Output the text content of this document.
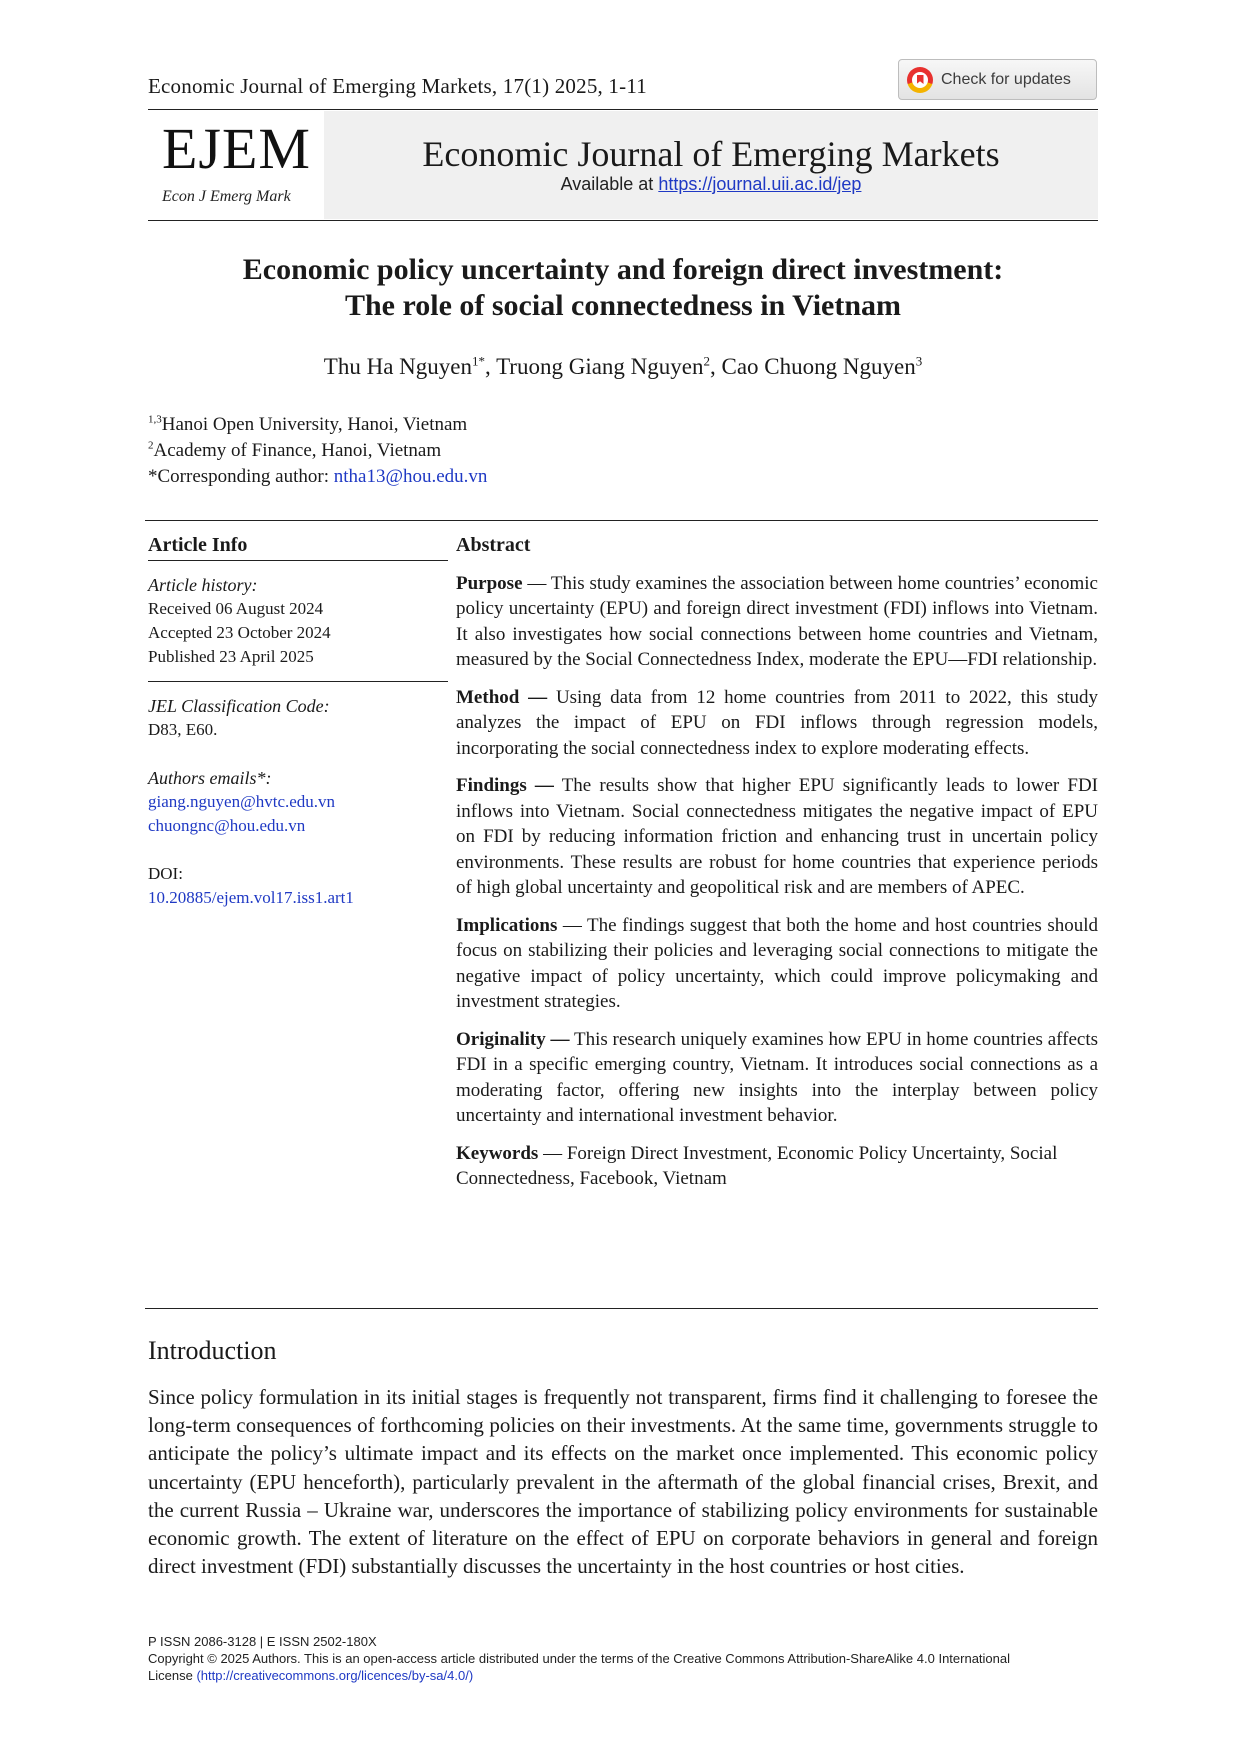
Economic Journal of Emerging Markets, 17(1) 2025, 1-11	Check for updates
EJEM
Econ J Emerg Mark
Economic Journal of Emerging Markets
Available at https://journal.uii.ac.id/jep
Economic policy uncertainty and foreign direct investment:
The role of social connectedness in Vietnam
Thu Ha Nguyen$^{1*}$, Truong Giang Nguyen$^2$, Cao Chuong Nguyen$^3$
$^{1,3}$Hanoi Open University, Hanoi, Vietnam
$^2$Academy of Finance, Hanoi, Vietnam
*Corresponding author: ntha13@hou.edu.vn
Article Info
Article history:
Received 06 August 2024
Accepted 23 October 2024
Published 23 April 2025
JEL Classification Code:
D83, E60.
Authors emails*:
giang.nguyen@hvtc.edu.vn
chuongnc@hou.edu.vn
DOI:
10.20885/ejem.vol17.iss1.art1
Abstract

Purpose — This study examines the association between home countries’ economic policy uncertainty (EPU) and foreign direct investment (FDI) inflows into Vietnam. It also investigates how social connections between home countries and Vietnam, measured by the Social Connectedness Index, moderate the EPU—FDI relationship.

Method — Using data from 12 home countries from 2011 to 2022, this study analyzes the impact of EPU on FDI inflows through regression models, incorporating the social connectedness index to explore moderating effects.

Findings — The results show that higher EPU significantly leads to lower FDI inflows into Vietnam. Social connectedness mitigates the negative impact of EPU on FDI by reducing information friction and enhancing trust in uncertain policy environments. These results are robust for home countries that experience periods of high global uncertainty and geopolitical risk and are members of APEC.

Implications — The findings suggest that both the home and host countries should focus on stabilizing their policies and leveraging social connections to mitigate the negative impact of policy uncertainty, which could improve policymaking and investment strategies.

Originality — This research uniquely examines how EPU in home countries affects FDI in a specific emerging country, Vietnam. It introduces social connections as a moderating factor, offering new insights into the interplay between policy uncertainty and international investment behavior.

Keywords — Foreign Direct Investment, Economic Policy Uncertainty, Social Connectedness, Facebook, Vietnam

Introduction
Since policy formulation in its initial stages is frequently not transparent, firms find it challenging to foresee the long-term consequences of forthcoming policies on their investments. At the same time, governments struggle to anticipate the policy’s ultimate impact and its effects on the market once implemented. This economic policy uncertainty (EPU henceforth), particularly prevalent in the aftermath of the global financial crises, Brexit, and the current Russia – Ukraine war, underscores the importance of stabilizing policy environments for sustainable economic growth. The extent of literature on the effect of EPU on corporate behaviors in general and foreign direct investment (FDI) substantially discusses the uncertainty in the host countries or host cities.
P ISSN 2086-3128 | E ISSN 2502-180X
Copyright © 2025 Authors. This is an open-access article distributed under the terms of the Creative Commons Attribution-ShareAlike 4.0 International
License (http://creativecommons.org/licences/by-sa/4.0/)
